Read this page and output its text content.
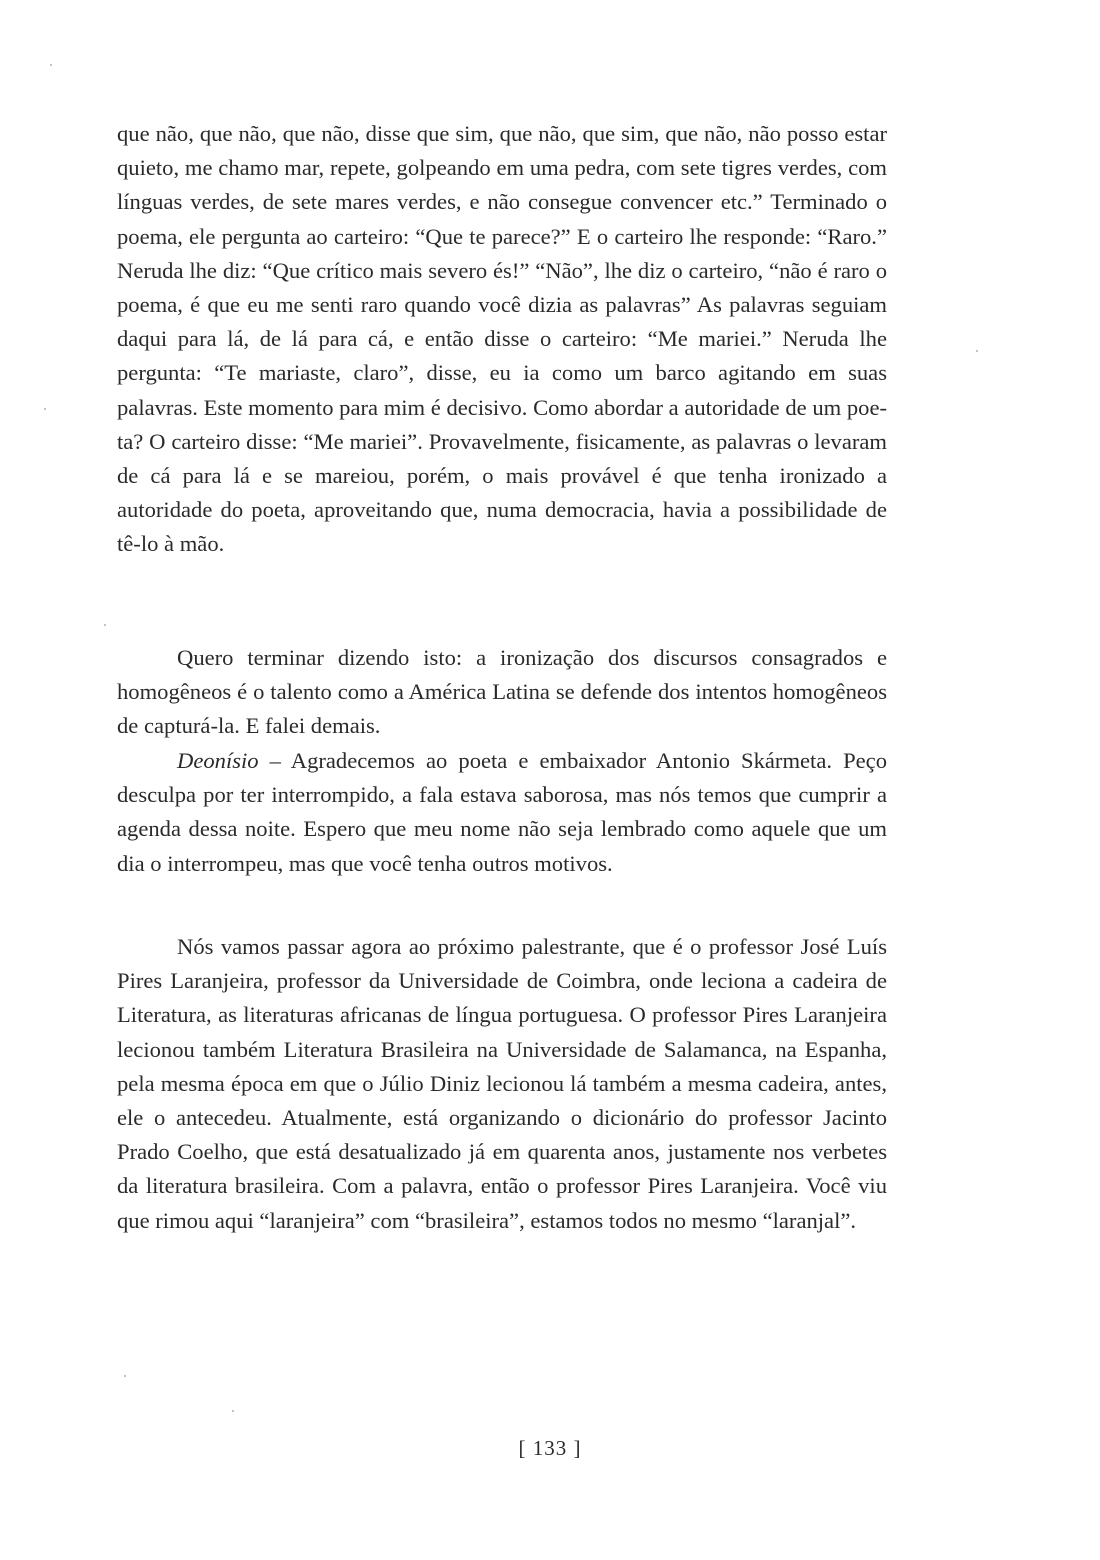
que não, que não, que não, disse que sim, que não, que sim, que não, não posso estar quieto, me chamo mar, repete, golpeando em uma pedra, com sete tigres verdes, com línguas verdes, de sete mares verdes, e não consegue convencer etc.” Terminado o poema, ele pergunta ao carteiro: “Que te parece?” E o carteiro lhe responde: “Raro.” Neruda lhe diz: “Que crítico mais severo és!” “Não”, lhe diz o carteiro, “não é raro o poema, é que eu me senti raro quando você dizia as palavras” As palavras seguiam daqui para lá, de lá para cá, e então disse o carteiro: “Me mariei.” Neruda lhe pergunta: “Te mariaste, claro”, disse, eu ia como um barco agitando em suas palavras. Este momento para mim é decisivo. Como abordar a autoridade de um poeta? O carteiro disse: “Me mariei”. Provavelmente, fisicamente, as palavras o levaram de cá para lá e se mareiou, porém, o mais provável é que tenha ironizado a autoridade do poeta, aproveitando que, numa democracia, havia a possibilidade de tê-lo à mão.

Quero terminar dizendo isto: a ironização dos discursos consagrados e homogêneos é o talento como a América Latina se defende dos intentos homogêneos de capturá-la. E falei demais.

Deonísio – Agradecemos ao poeta e embaixador Antonio Skármeta. Peço desculpa por ter interrompido, a fala estava saborosa, mas nós temos que cumprir a agenda dessa noite. Espero que meu nome não seja lembrado como aquele que um dia o interrompeu, mas que você tenha outros motivos.

Nós vamos passar agora ao próximo palestrante, que é o professor José Luís Pires Laranjeira, professor da Universidade de Coimbra, onde leciona a cadeira de Literatura, as literaturas africanas de língua portuguesa. O professor Pires Laranjeira lecionou também Literatura Brasileira na Universidade de Salamanca, na Espanha, pela mesma época em que o Júlio Diniz lecionou lá também a mesma cadeira, antes, ele o antecedeu. Atualmente, está organizando o dicionário do professor Jacinto Prado Coelho, que está desatualizado já em quarenta anos, justamente nos verbetes da literatura brasileira. Com a palavra, então o professor Pires Laranjeira. Você viu que rimou aqui “laranjeira” com “brasileira”, estamos todos no mesmo “laranjal”.

[ 133 ]
